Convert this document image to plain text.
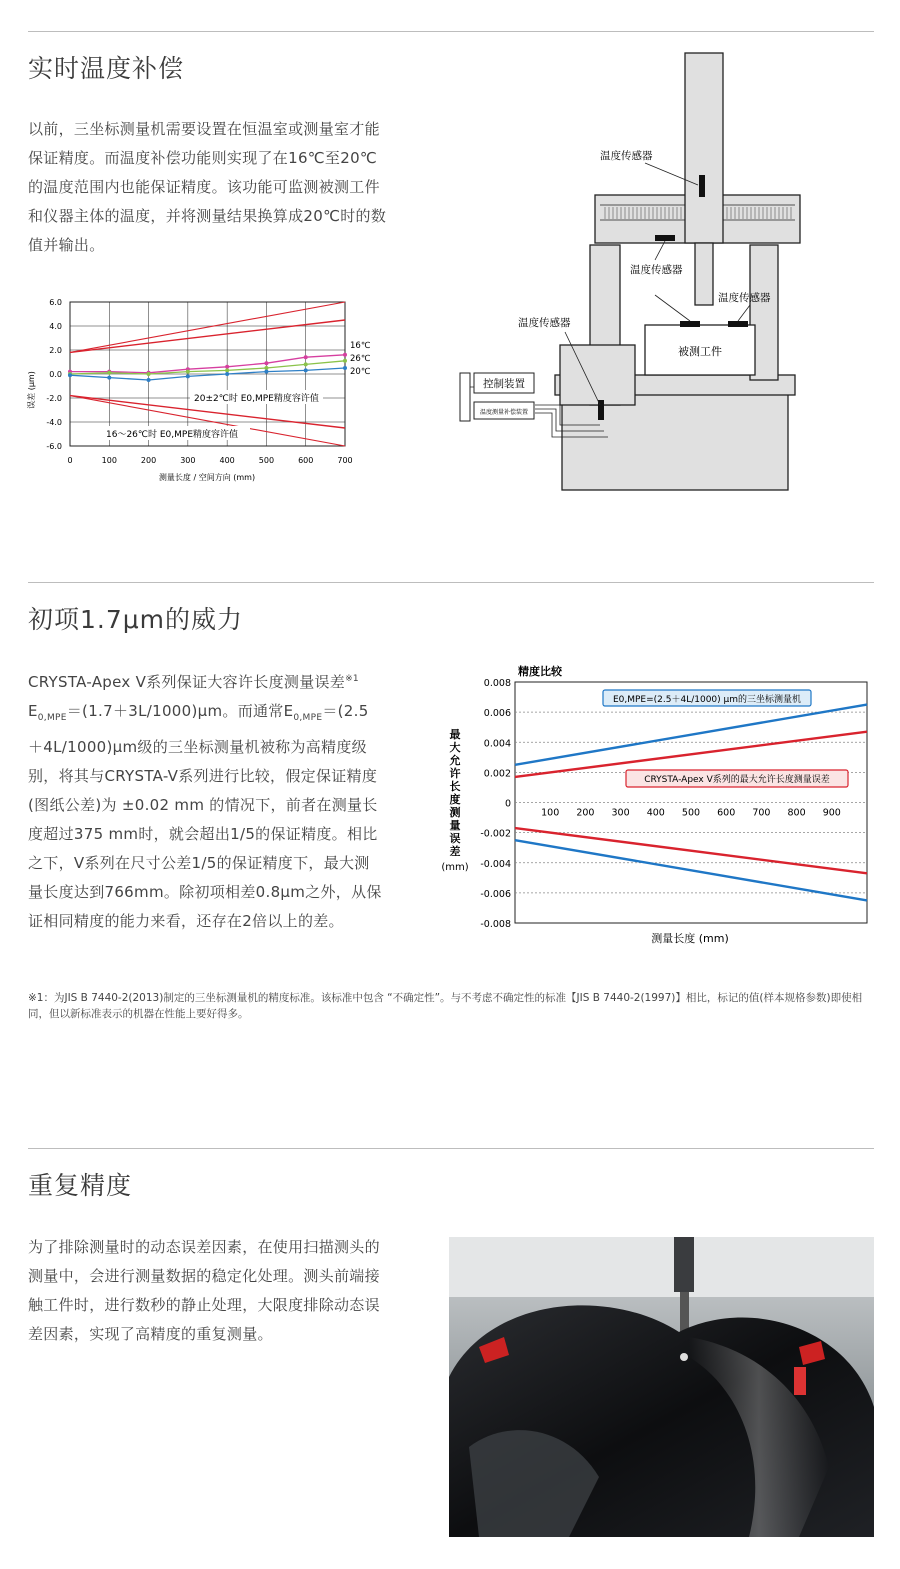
实时温度补偿
以前，三坐标测量机需要设置在恒温室或测量室才能保证精度。而温度补偿功能则实现了在16℃至20℃的温度范围内也能保证精度。该功能可监测被测工件和仪器主体的温度，并将测量结果换算成20℃时的数值并输出。
6.0
4.0
2.0
0.0
-2.0
-4.0
-6.0
0	100	200	300	400	500	600	700
误差 (μm)
测量长度 / 空间方向 (mm)
20±2℃时 E0,MPE精度容许值
16～26℃时 E0,MPE精度容许值
16℃
26℃
20℃
被测工件
温度传感器
温度传感器
温度传感器
温度传感器
控制装置
温度测量补偿装置
初项1.7μm的威力
CRYSTA-Apex V系列保证大容许长度测量误差$^{※1}$
$E_{0,MPE}=(1.7+3L/1000)\mu m$。而通常$E_{0,MPE}=(2.5+4L/1000)\mu m$级的三坐标测量机被称为高精度级别，将其与CRYSTA-V系列进行比较，假定保证精度(图纸公差)为 ±0.02 mm 的情况下，前者在测量长度超过375 mm时，就会超出1/5的保证精度。相比之下，V系列在尺寸公差1/5的保证精度下，最大测量长度达到766mm。除初项相差0.8μm之外，从保证相同精度的能力来看，还存在2倍以上的差。
精度比较
(mm)
最
大
允
许
长
度
测
量
误
差
0.008
0.006
0.004
0.002
0
-0.002
-0.004
-0.006
-0.008
100 200 300 400 500 600 700 800 900
测量长度 (mm)
E0,MPE=(2.5＋4L/1000) μm的三坐标测量机
CRYSTA-Apex V系列的最大允许长度测量误差
※1：为JIS B 7440-2(2013)制定的三坐标测量机的精度标准。该标准中包含 “不确定性”。与不考虑不确定性的标准【JIS B 7440-2(1997)】相比，标记的值(样本规格参数)即使相同，但以新标准表示的机器在性能上要好得多。
重复精度
为了排除测量时的动态误差因素，在使用扫描测头的测量中，会进行测量数据的稳定化处理。测头前端接触工件时，进行数秒的静止处理，大限度排除动态误差因素，实现了高精度的重复测量。
